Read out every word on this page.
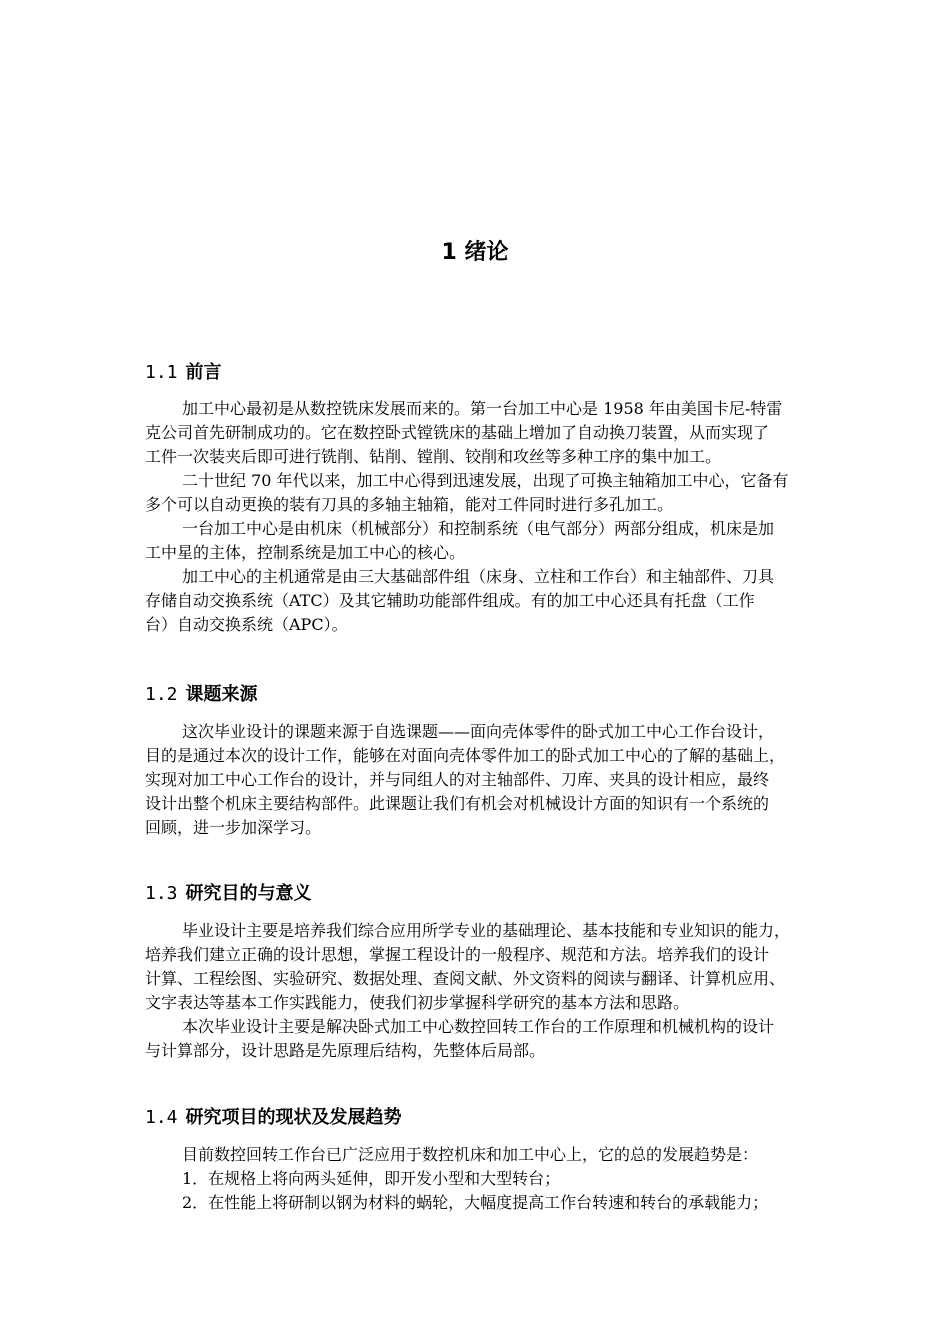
1 绪论
1.1 前言
加工中心最初是从数控铣床发展而来的。第一台加工中心是 1958 年由美国卡尼-特雷
克公司首先研制成功的。它在数控卧式镗铣床的基础上增加了自动换刀装置，从而实现了
工件一次装夹后即可进行铣削、钻削、镗削、铰削和攻丝等多种工序的集中加工。
二十世纪 70 年代以来，加工中心得到迅速发展，出现了可换主轴箱加工中心，它备有
多个可以自动更换的装有刀具的多轴主轴箱，能对工件同时进行多孔加工。
一台加工中心是由机床（机械部分）和控制系统（电气部分）两部分组成，机床是加
工中星的主体，控制系统是加工中心的核心。
加工中心的主机通常是由三大基础部件组（床身、立柱和工作台）和主轴部件、刀具
存储自动交换系统（ATC）及其它辅助功能部件组成。有的加工中心还具有托盘（工作
台）自动交换系统（APC）。
1.2 课题来源
这次毕业设计的课题来源于自选课题——面向壳体零件的卧式加工中心工作台设计，
目的是通过本次的设计工作，能够在对面向壳体零件加工的卧式加工中心的了解的基础上，
实现对加工中心工作台的设计，并与同组人的对主轴部件、刀库、夹具的设计相应，最终
设计出整个机床主要结构部件。此课题让我们有机会对机械设计方面的知识有一个系统的
回顾，进一步加深学习。
1.3 研究目的与意义
毕业设计主要是培养我们综合应用所学专业的基础理论、基本技能和专业知识的能力，
培养我们建立正确的设计思想，掌握工程设计的一般程序、规范和方法。培养我们的设计
计算、工程绘图、实验研究、数据处理、查阅文献、外文资料的阅读与翻译、计算机应用、
文字表达等基本工作实践能力，使我们初步掌握科学研究的基本方法和思路。
本次毕业设计主要是解决卧式加工中心数控回转工作台的工作原理和机械机构的设计
与计算部分，设计思路是先原理后结构，先整体后局部。
1.4 研究项目的现状及发展趋势
目前数控回转工作台已广泛应用于数控机床和加工中心上，它的总的发展趋势是：
1．在规格上将向两头延伸，即开发小型和大型转台；
2．在性能上将研制以钢为材料的蜗轮，大幅度提高工作台转速和转台的承载能力；
